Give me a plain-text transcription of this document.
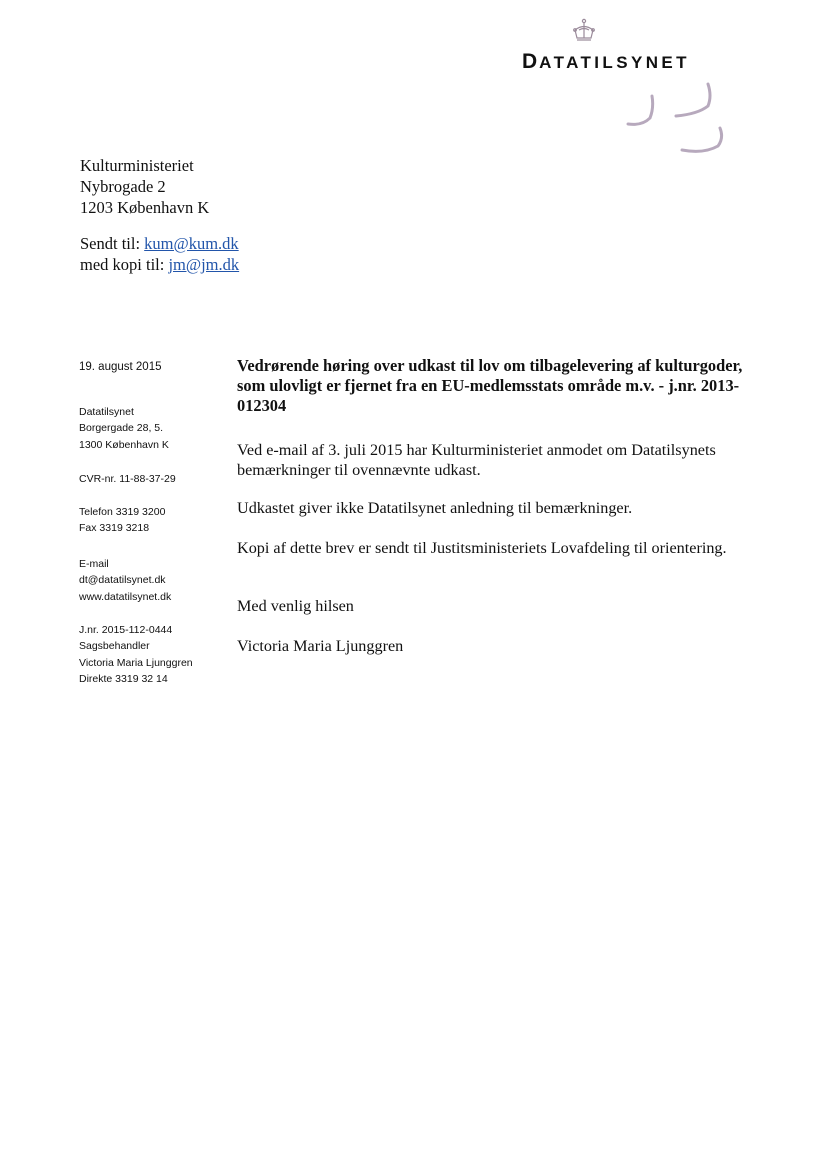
DATATILSYNET
Kulturministeriet
Nybrogade 2
1203 København K
Sendt til: kum@kum.dk
med kopi til: jm@jm.dk
19. august 2015
Datatilsynet
Borgergade 28, 5.
1300 København K
CVR-nr. 11-88-37-29
Telefon 3319 3200
Fax 3319 3218
E-mail
dt@datatilsynet.dk
www.datatilsynet.dk
J.nr. 2015-112-0444
Sagsbehandler
Victoria Maria Ljunggren
Direkte 3319 32 14
Vedrørende høring over udkast til lov om tilbagelevering af kulturgoder,
som ulovligt er fjernet fra en EU-medlemsstats område m.v. - j.nr. 2013-
012304
Ved e-mail af 3. juli 2015 har Kulturministeriet anmodet om Datatilsynets
bemærkninger til ovennævnte udkast.
Udkastet giver ikke Datatilsynet anledning til bemærkninger.
Kopi af dette brev er sendt til Justitsministeriets Lovafdeling til orientering.
Med venlig hilsen
Victoria Maria Ljunggren
